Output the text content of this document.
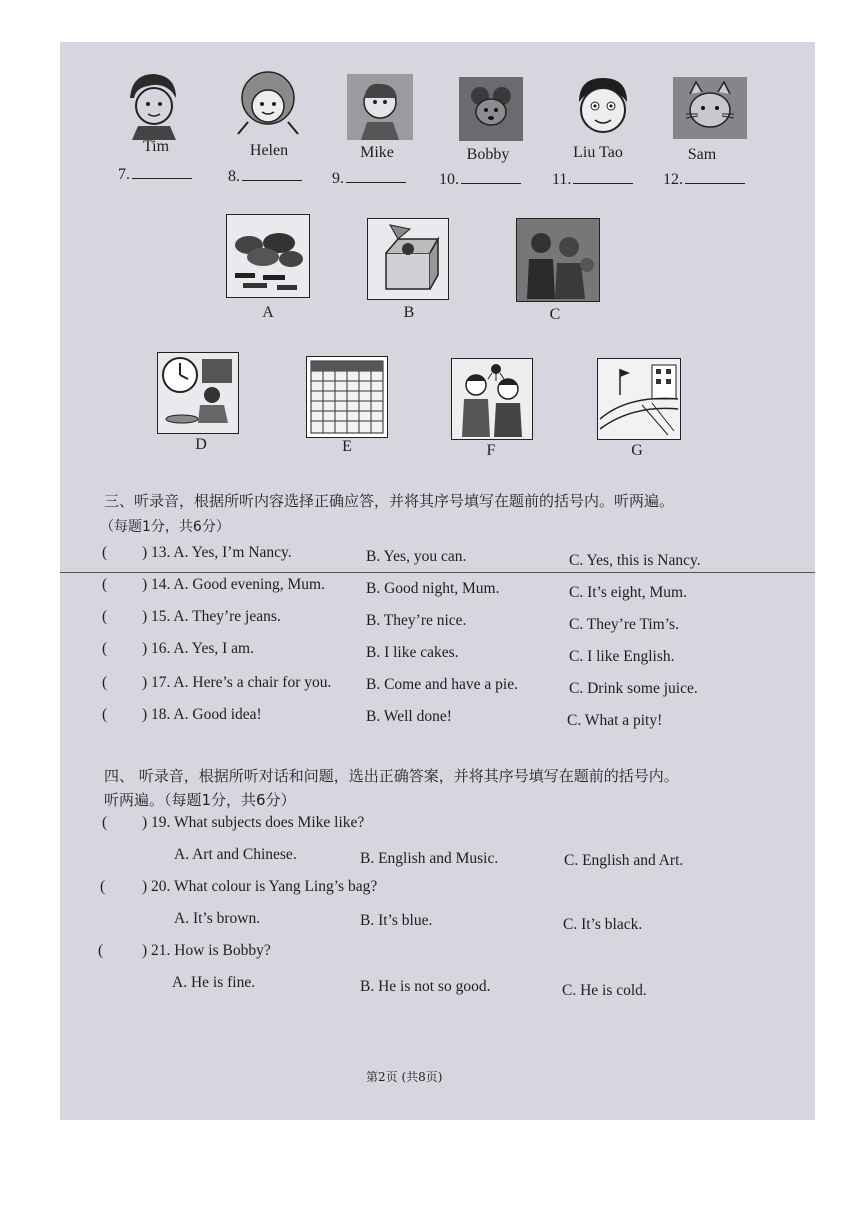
Tim	Helen	Mike	Bobby	Liu Tao	Sam
7.	8.	9.	10.	11.	12.
A	B	C
D	E	F	G
三、听录音，根据所听内容选择正确应答，并将其序号填写在题前的括号内。听两遍。
（每题1分，共6分）
( ) 13. A. Yes, I’m Nancy.	B. Yes, you can.	C. Yes, this is Nancy.
( ) 14. A. Good evening, Mum.	B. Good night, Mum.	C. It’s eight, Mum.
( ) 15. A. They’re jeans.	B. They’re nice.	C. They’re Tim’s.
( ) 16. A. Yes, I am.	B. I like cakes.	C. I like English.
( ) 17. A. Here’s a chair for you. B. Come and have a pie.	C. Drink some juice.
( ) 18. A. Good idea!	B. Well done!	C. What a pity!
四、 听录音，根据所听对话和问题，选出正确答案，并将其序号填写在题前的括号内。
听两遍。（每题1分，共6分）
( ) 19. What subjects does Mike like?
A. Art and Chinese.	B. English and Music.	C. English and Art.
( ) 20. What colour is Yang Ling’s bag?
A. It’s brown.	B. It’s blue.	C. It’s black.
(	) 21. How is Bobby?
A. He is fine.	B. He is not so good.	C. He is cold.
第2页 (共8页)
